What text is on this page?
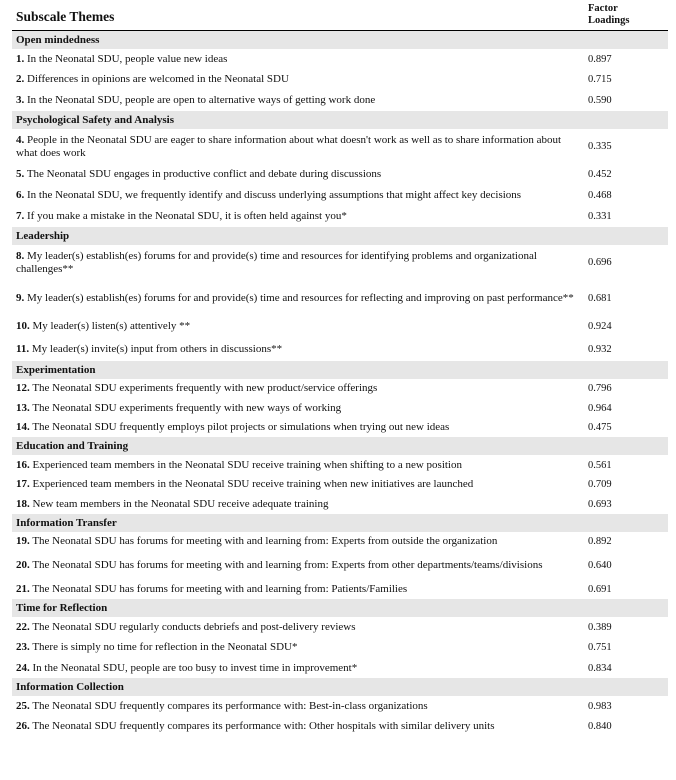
Subscale Themes
Factor
Loadings
Open mindedness
1. In the Neonatal SDU, people value new ideas	0.897
2. Differences in opinions are welcomed in the Neonatal SDU	0.715
3. In the Neonatal SDU, people are open to alternative ways of getting work done	0.590
Psychological Safety and Analysis
4. People in the Neonatal SDU are eager to share information about what doesn't work as well as to share information about what does work	0.335
5. The Neonatal SDU engages in productive conflict and debate during discussions	0.452
6. In the Neonatal SDU, we frequently identify and discuss underlying assumptions that might affect key decisions	0.468
7. If you make a mistake in the Neonatal SDU, it is often held against you*	0.331
Leadership
8. My leader(s) establish(es) forums for and provide(s) time and resources for identifying problems and organizational challenges**	0.696
9. My leader(s) establish(es) forums for and provide(s) time and resources for reflecting and improving on past performance**	0.681
10. My leader(s) listen(s) attentively **	0.924
11. My leader(s) invite(s) input from others in discussions**	0.932
Experimentation
12. The Neonatal SDU experiments frequently with new product/service offerings	0.796
13. The Neonatal SDU experiments frequently with new ways of working	0.964
14. The Neonatal SDU frequently employs pilot projects or simulations when trying out new ideas	0.475
Education and Training
16. Experienced team members in the Neonatal SDU receive training when shifting to a new position	0.561
17. Experienced team members in the Neonatal SDU receive training when new initiatives are launched	0.709
18. New team members in the Neonatal SDU receive adequate training	0.693
Information Transfer
19. The Neonatal SDU has forums for meeting with and learning from: Experts from outside the organization	0.892
20. The Neonatal SDU has forums for meeting with and learning from: Experts from other departments/teams/divisions	0.640
21. The Neonatal SDU has forums for meeting with and learning from: Patients/Families	0.691
Time for Reflection
22. The Neonatal SDU regularly conducts debriefs and post-delivery reviews	0.389
23. There is simply no time for reflection in the Neonatal SDU*	0.751
24. In the Neonatal SDU, people are too busy to invest time in improvement*	0.834
Information Collection
25. The Neonatal SDU frequently compares its performance with: Best-in-class organizations	0.983
26. The Neonatal SDU frequently compares its performance with: Other hospitals with similar delivery units	0.840
